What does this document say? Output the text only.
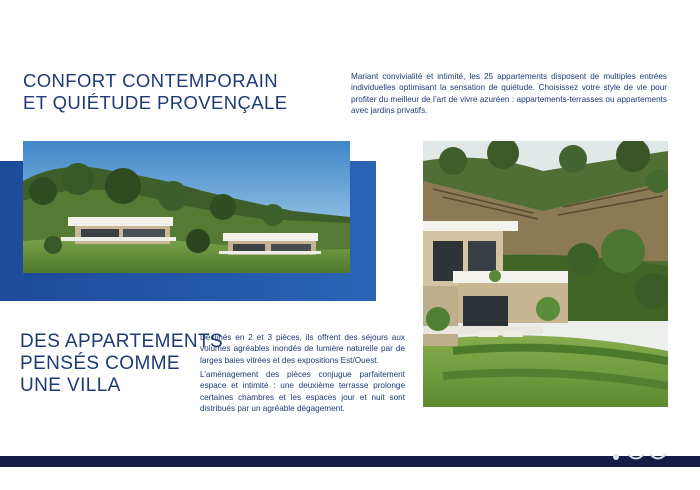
CONFORT CONTEMPORAIN
ET QUIÉTUDE PROVENÇALE

Mariant convivialité et intimité, les 25 appartements disposent de multiples entrées individuelles optimisant la sensation de quiétude. Choisissez votre style de vie pour profiter du meilleur de l’art de vivre azuréen : appartements-terrasses ou appartements avec jardins privatifs.

DES APPARTEMENTS
PENSÉS COMME
UNE VILLA

Déclinés en 2 et 3 pièces, ils offrent des séjours aux volumes agréables inondés de lumière naturelle par de larges baies vitrées et des expositions Est/Ouest.

L’aménagement des pièces conjugue parfaitement espace et intimité : une deuxième terrasse prolonge certaines chambres et les espaces jour et nuit sont distribués par un agréable dégagement.
